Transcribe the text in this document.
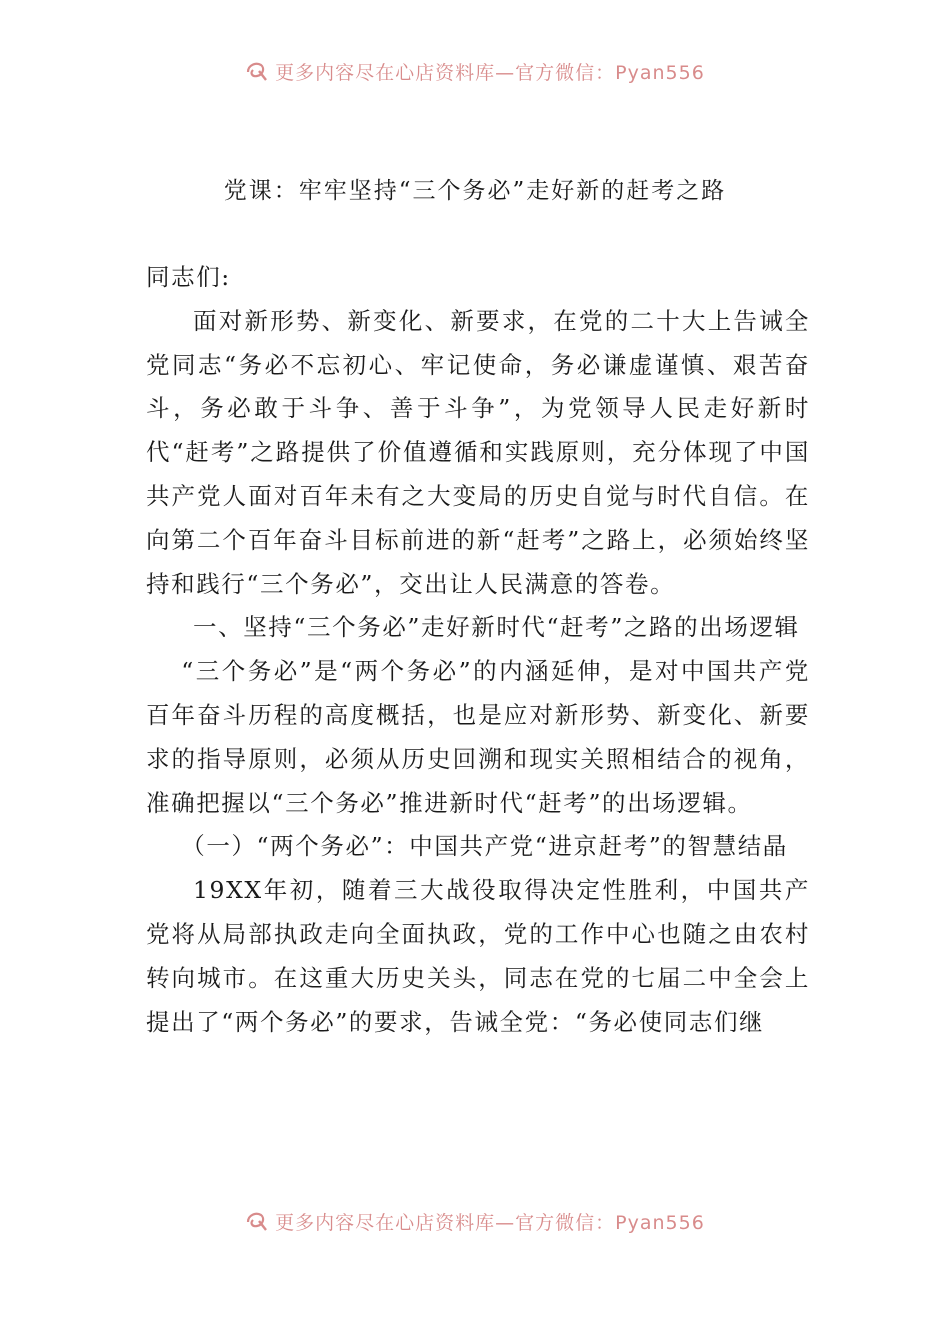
更多内容尽在心店资料库—官方微信：Pyan556
党课：牢牢坚持“三个务必”走好新的赶考之路

同志们:

面对新形势、新变化、新要求，在党的二十大上告诫全党同志“务必不忘初心、牢记使命，务必谦虚谨慎、艰苦奋斗，务必敢于斗争、善于斗争”，为党领导人民走好新时代“赶考”之路提供了价值遵循和实践原则，充分体现了中国共产党人面对百年未有之大变局的历史自觉与时代自信。在向第二个百年奋斗目标前进的新“赶考”之路上，必须始终坚持和践行“三个务必”，交出让人民满意的答卷。

一、坚持“三个务必”走好新时代“赶考”之路的出场逻辑

“三个务必”是“两个务必”的内涵延伸，是对中国共产党百年奋斗历程的高度概括，也是应对新形势、新变化、新要求的指导原则，必须从历史回溯和现实关照相结合的视角，准确把握以“三个务必”推进新时代“赶考”的出场逻辑。

（一）“两个务必”：中国共产党“进京赶考”的智慧结晶

19XX年初，随着三大战役取得决定性胜利，中国共产党将从局部执政走向全面执政，党的工作中心也随之由农村转向城市。在这重大历史关头，同志在党的七届二中全会上提出了“两个务必”的要求，告诫全党：“务必使同志们继

更多内容尽在心店资料库—官方微信：Pyan556
